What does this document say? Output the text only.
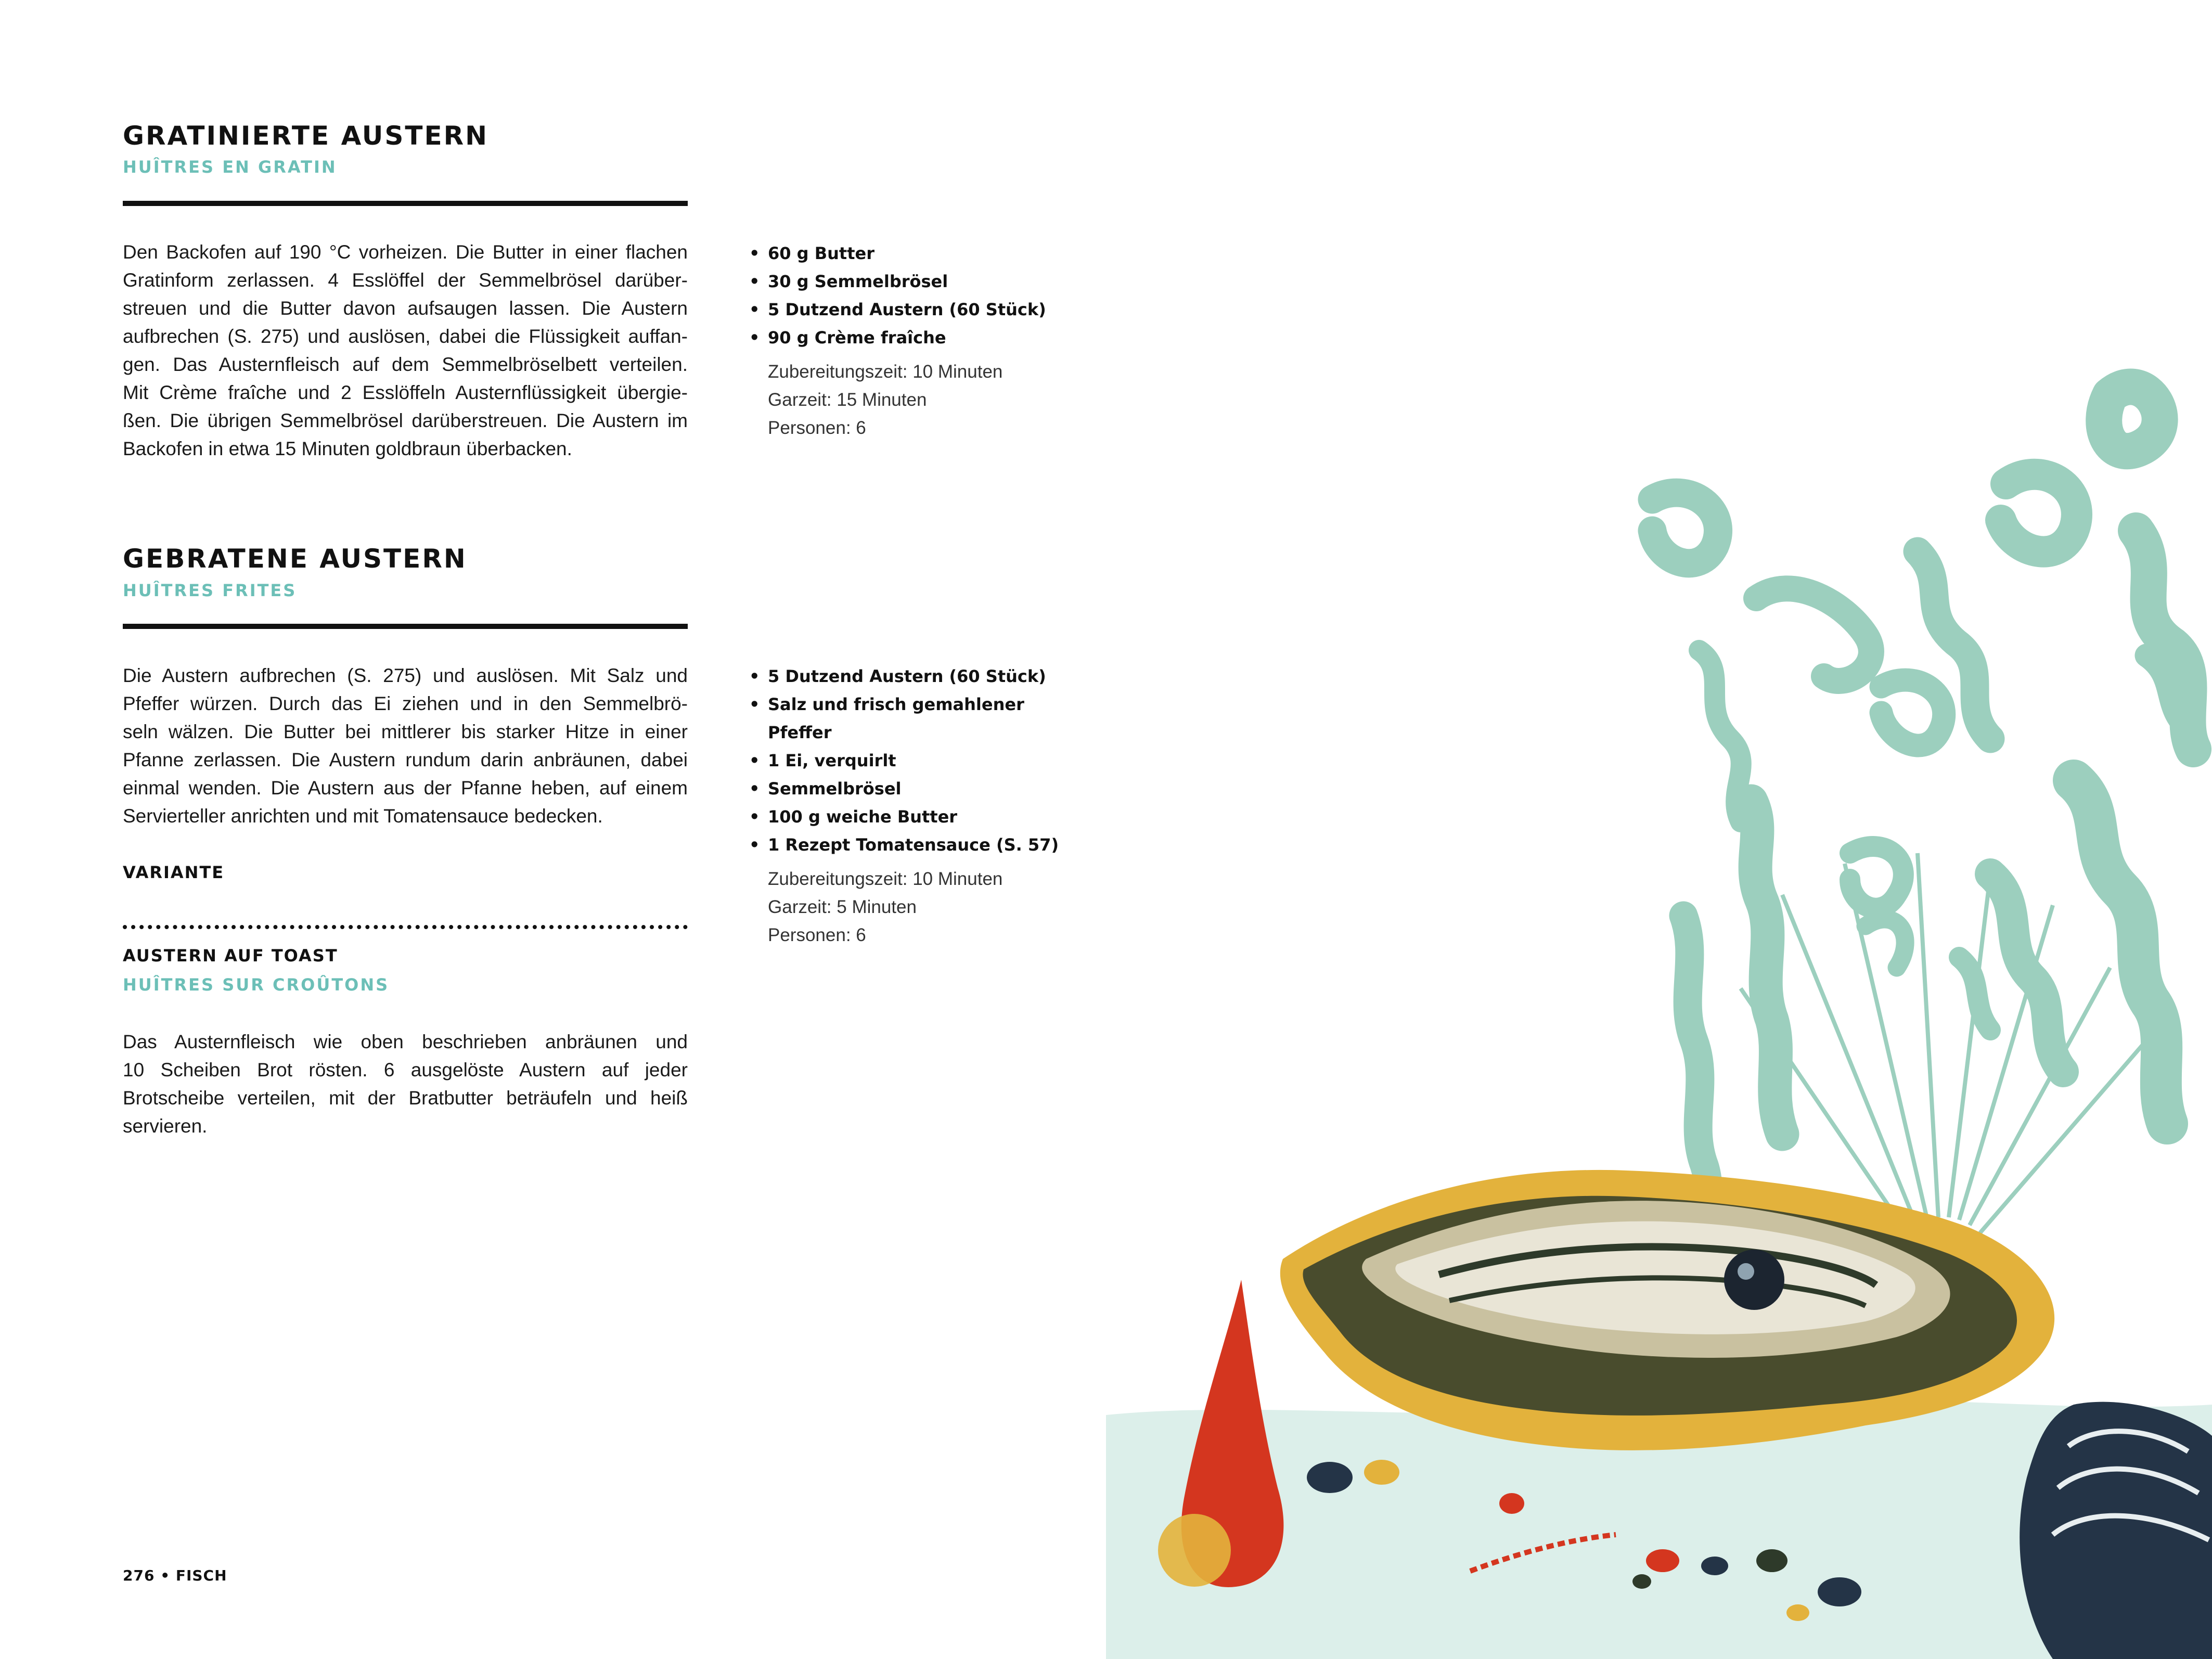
GRATINIERTE AUSTERN
HUÎTRES EN GRATIN
Den Backofen auf 190 °C vorheizen. Die Butter in einer flachen
Gratinform zerlassen. 4 Esslöffel der Semmelbrösel darüber-
streuen und die Butter davon aufsaugen lassen. Die Austern
aufbrechen (S. 275) und auslösen, dabei die Flüssigkeit auffan-
gen. Das Austernfleisch auf dem Semmelbröselbett verteilen.
Mit Crème fraîche und 2 Esslöffeln Austernflüssigkeit übergie-
ßen. Die übrigen Semmelbrösel darüberstreuen. Die Austern im
Backofen in etwa 15 Minuten goldbraun überbacken.
• 60 g Butter
• 30 g Semmelbrösel
• 5 Dutzend Austern (60 Stück)
• 90 g Crème fraîche
Zubereitungszeit: 10 Minuten
Garzeit: 15 Minuten
Personen: 6
GEBRATENE AUSTERN
HUÎTRES FRITES
Die Austern aufbrechen (S. 275) und auslösen. Mit Salz und
Pfeffer würzen. Durch das Ei ziehen und in den Semmelbrö-
seln wälzen. Die Butter bei mittlerer bis starker Hitze in einer
Pfanne zerlassen. Die Austern rundum darin anbräunen, dabei
einmal wenden. Die Austern aus der Pfanne heben, auf einem
Servierteller anrichten und mit Tomatensauce bedecken.
• 5 Dutzend Austern (60 Stück)
• Salz und frisch gemahlener
Pfeffer
• 1 Ei, verquirlt
• Semmelbrösel
• 100 g weiche Butter
• 1 Rezept Tomatensauce (S. 57)
Zubereitungszeit: 10 Minuten
Garzeit: 5 Minuten
Personen: 6
VARIANTE
AUSTERN AUF TOAST
HUÎTRES SUR CROÛTONS
Das Austernfleisch wie oben beschrieben anbräunen und
10 Scheiben Brot rösten. 6 ausgelöste Austern auf jeder
Brotscheibe verteilen, mit der Bratbutter beträufeln und heiß
servieren.
276 • FISCH
